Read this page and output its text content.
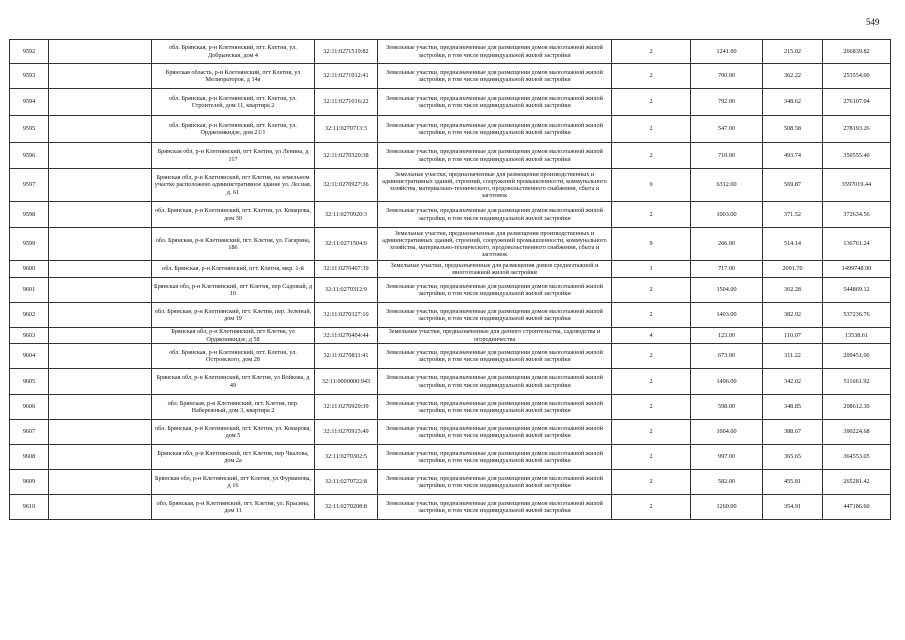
549
9592		обл. Брянская, р-н Клетнянский, пгт. Клетня, ул. Добрынская, дом 4	32:11:0271519:82	Земельные участки, предназначенные для размещения домов малоэтажной жилой застройки, в том числе индивидуальной жилой застройки	2	1241.00	215.02	266839.82
9593		Брянская область, р-н Клетнянский, пгт Клетня, ул Мелиораторов, д 14а	32:11:0271012:41	Земельные участки, предназначенные для размещения домов малоэтажной жилой застройки, в том числе индивидуальной жилой застройки	2	700.00	362.22	253554.00
9594		обл. Брянская, р-н Клетнянский, пгт. Клетня, ул. Строителей, дом 11, квартира 2	32:11:0271016:22	Земельные участки, предназначенные для размещения домов малоэтажной жилой застройки, в том числе индивидуальной жилой застройки	2	792.00	348.62	276107.04
9595		обл. Брянская, р-н Клетнянский, пгт. Клетня, ул. Орджоникидзе, дом 21/1	32:11:0270713:3	Земельные участки, предназначенные для размещения домов малоэтажной жилой застройки, в том числе индивидуальной жилой застройки	2	547.00	508.58	278193.26
9596		Брянская обл, р-н Клетнянский, пгт Клетня, ул Ленина, д 117	32:11:0270320:38	Земельные участки, предназначенные для размещения домов малоэтажной жилой застройки, в том числе индивидуальной жилой застройки	2	710.00	493.74	350555.40
9597		Брянская обл, р-н Клетнянский, пгт Клетня, на земельном участке расположено административное здание ул. Лесная, д. 61	32:11:0270927:36	Земельные участки, предназначенные для размещения производственных и административных зданий, строений, сооружений промышленности, коммунального хозяйства, материально-технического, продовольственного снабжения, сбыта и заготовок	9	6312.00	569.87	3597019.44
9598		обл. Брянская, р-н Клетнянский, пгт. Клетня, ул. Комарова, дом 30	32:11:0270920:3	Земельные участки, предназначенные для размещения домов малоэтажной жилой застройки, в том числе индивидуальной жилой застройки	2	1003.00	371.52	372634.56
9599		обл. Брянская, р-н Клетнянский, пгт. Клетня, ул. Гагарина, 186	32:11:0271504:6	Земельные участки, предназначенные для размещения производственных и административных зданий, строений, сооружений промышленности, коммунального хозяйства, материально-технического, продовольственного снабжения, сбыта и заготовок	9	266.00	514.14	136761.24
9600		обл. Брянская, р-н Клетнянский, пгт. Клетня, мкр. 1-й	32:11:0270407:39	Земельные участки, предназначенные для размещения домов среднеэтажной и многоэтажной жилой застройки	1	717.00	2091.70	1499748.90
9601		Брянская обл, р-н Клетнянский, пгт Клетня, пер Садовый, д 10	32:11:0270312:9	Земельные участки, предназначенные для размещения домов малоэтажной жилой застройки, в том числе индивидуальной жилой застройки	2	1504.00	362.28	544869.12
9602		обл. Брянская, р-н Клетнянский, пгт. Клетня, пер. Зеленый, дом 19	32:11:0270327:10	Земельные участки, предназначенные для размещения домов малоэтажной жилой застройки, в том числе индивидуальной жилой застройки	2	1403.00	382.92	537236.76
9603		Брянская обл, р-н Клетнянский, пгт Клетня, ул Орджоникидзе, д 58	32:11:0270404:44	Земельные участки, предназначенные для дачного строительства, садоводства и огородничества	4	123.00	110.07	13538.61
9604		обл. Брянская, р-н Клетнянский, пгт. Клетня, ул. Островского, дом 28	32:11:0270811:41	Земельные участки, предназначенные для размещения домов малоэтажной жилой застройки, в том числе индивидуальной жилой застройки	2	673.00	311.22	209451.06
9605		Брянская обл, р-н Клетнянский, пгт Клетня, ул Войкова, д 49	32:11:0000000:943	Земельные участки, предназначенные для размещения домов малоэтажной жилой застройки, в том числе индивидуальной жилой застройки	2	1496.00	342.02	511661.92
9606		обл. Брянская, р-н Клетнянский, пгт. Клетня, пер. Набережный, дом 3, квартира 2	32:11:0270929:39	Земельные участки, предназначенные для размещения домов малоэтажной жилой застройки, в том числе индивидуальной жилой застройки	2	598.00	348.85	208612.30
9607		обл. Брянская, р-н Клетнянский, пгт. Клетня, ул. Комарова, дом 5	32:11:0270915:49	Земельные участки, предназначенные для размещения домов малоэтажной жилой застройки, в том числе индивидуальной жилой застройки	2	1004.00	388.67	390224.68
9608		Брянская обл, р-н Клетнянский, пгт Клетня, пер Чкалова, дом 2а	32:11:0270302:5	Земельные участки, предназначенные для размещения домов малоэтажной жилой застройки, в том числе индивидуальной жилой застройки	2	997.00	365.65	364553.05
9609		Брянская обл, р-н Клетнянский, пгт Клетня, ул Фурманова, д 16	32:11:0270722:8	Земельные участки, предназначенные для размещения домов малоэтажной жилой застройки, в том числе индивидуальной жилой застройки	2	582.00	455.81	265281.42
9610		обл. Брянская, р-н Клетнянский, пгт. Клетня, ул. Красина, дом 11	32:11:0270208:8	Земельные участки, предназначенные для размещения домов малоэтажной жилой застройки, в том числе индивидуальной жилой застройки	2	1260.00	354.91	447186.60
